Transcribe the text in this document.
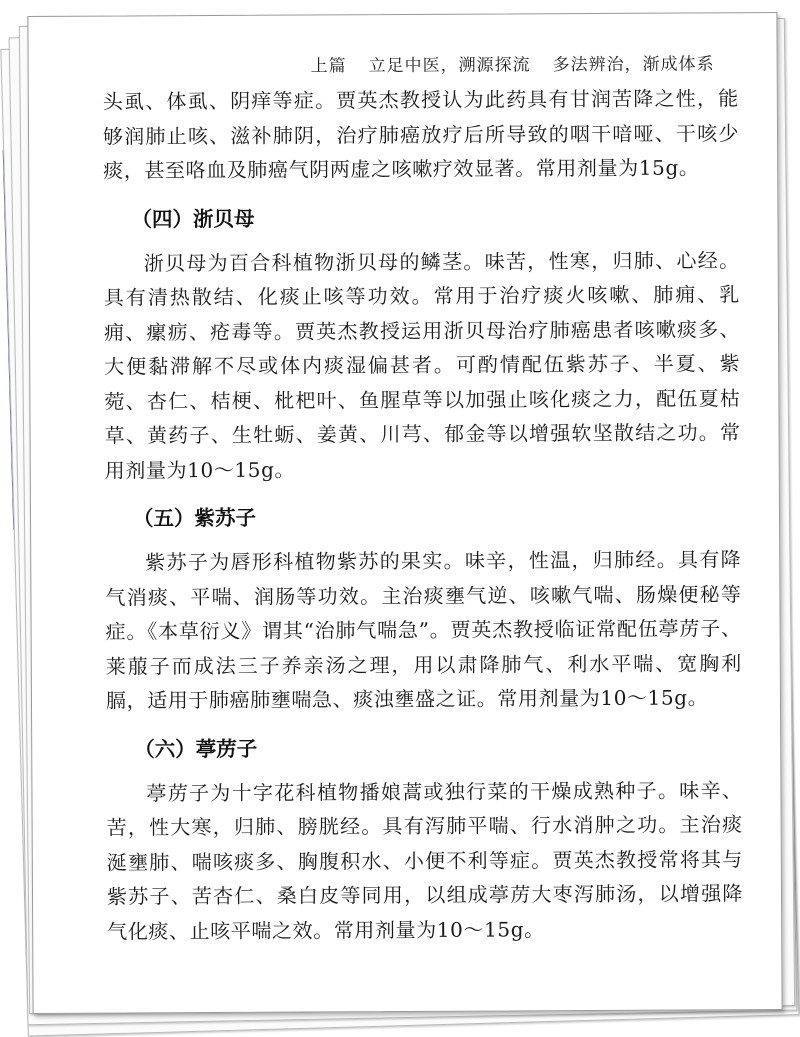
上篇 立足中医，溯源探流 多法辨治，渐成体系

头虱、体虱、阴痒等症。贾英杰教授认为此药具有甘润苦降之性，能够润肺止咳、滋补肺阴，治疗肺癌放疗后所导致的咽干喑哑、干咳少痰，甚至咯血及肺癌气阴两虚之咳嗽疗效显著。常用剂量为15g。

（四）浙贝母

浙贝母为百合科植物浙贝母的鳞茎。味苦，性寒，归肺、心经。具有清热散结、化痰止咳等功效。常用于治疗痰火咳嗽、肺痈、乳痈、瘰疬、疮毒等。贾英杰教授运用浙贝母治疗肺癌患者咳嗽痰多、大便黏滞解不尽或体内痰湿偏甚者。可酌情配伍紫苏子、半夏、紫菀、杏仁、桔梗、枇杷叶、鱼腥草等以加强止咳化痰之力，配伍夏枯草、黄药子、生牡蛎、姜黄、川芎、郁金等以增强软坚散结之功。常用剂量为10～15g。

（五）紫苏子

紫苏子为唇形科植物紫苏的果实。味辛，性温，归肺经。具有降气消痰、平喘、润肠等功效。主治痰壅气逆、咳嗽气喘、肠燥便秘等症。《本草衍义》谓其“治肺气喘急”。贾英杰教授临证常配伍葶苈子、莱菔子而成法三子养亲汤之理，用以肃降肺气、利水平喘、宽胸利膈，适用于肺癌肺壅喘急、痰浊壅盛之证。常用剂量为10～15g。

（六）葶苈子

葶苈子为十字花科植物播娘蒿或独行菜的干燥成熟种子。味辛、苦，性大寒，归肺、膀胱经。具有泻肺平喘、行水消肿之功。主治痰涎壅肺、喘咳痰多、胸腹积水、小便不利等症。贾英杰教授常将其与紫苏子、苦杏仁、桑白皮等同用，以组成葶苈大枣泻肺汤，以增强降气化痰、止咳平喘之效。常用剂量为10～15g。
